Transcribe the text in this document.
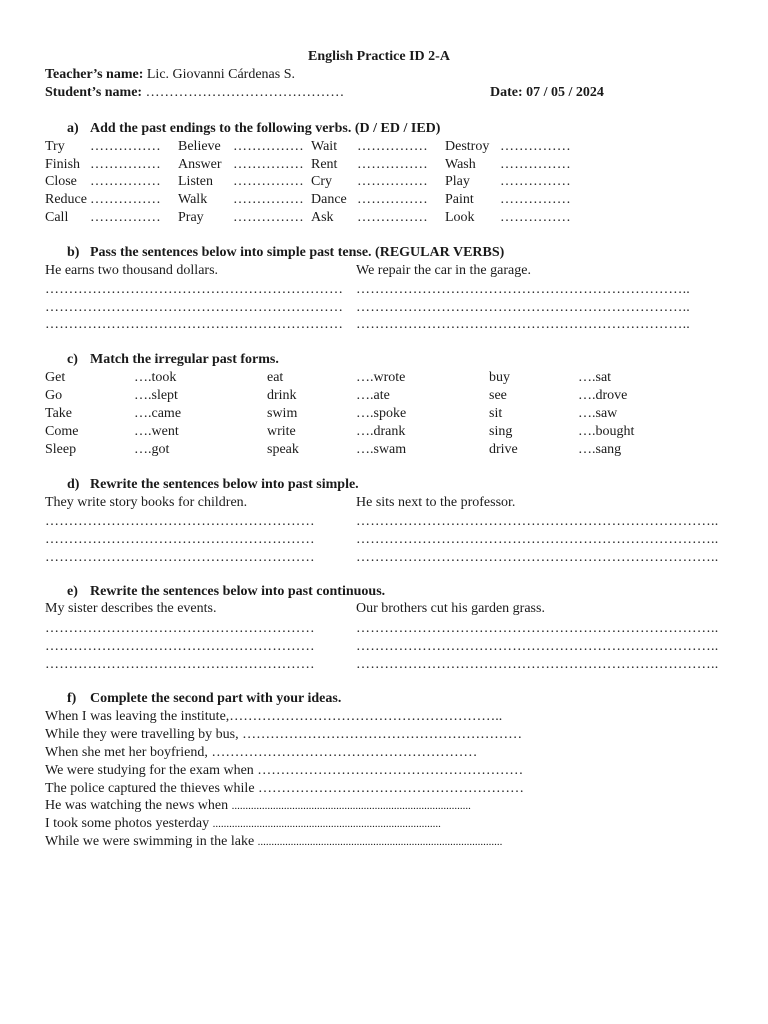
English Practice ID 2-A
Teacher’s name: Lic. Giovanni Cárdenas S.
Student’s name: ……………………………………	Date: 07 / 05 / 2024
a) Add the past endings to the following verbs. (D / ED / IED)
Try …………… Believe …………… Wait …………… Destroy ……………
Finish …………… Answer …………… Rent …………… Wash ……………
Close …………… Listen …………… Cry …………… Play ……………
Reduce …………… Walk …………… Dance …………… Paint ……………
Call …………… Pray …………… Ask …………… Look ……………
b) Pass the sentences below into simple past tense. (REGULAR VERBS)
He earns two thousand dollars.	We repair the car in the garage.
………………………………………………………
………………………………………………………
………………………………………………………
……………………………………………………………..
……………………………………………………………..
……………………………………………………………..
c) Match the irregular past forms.
Get	….took	eat	….wrote	buy	….sat
Go	….slept	drink	….ate	see	….drove
Take	….came	swim	….spoke	sit	….saw
Come	….went	write	….drank	sing	….bought
Sleep	….got	speak	….swam	drive	….sang
d) Rewrite the sentences below into past simple.
They write story books for children.	He sits next to the professor.
…………………………………………………
…………………………………………………
…………………………………………………
…………………………………………………………………..
…………………………………………………………………..
…………………………………………………………………..
e) Rewrite the sentences below into past continuous.
My sister describes the events.	Our brothers cut his garden grass.
…………………………………………………
…………………………………………………
…………………………………………………
…………………………………………………………………..
…………………………………………………………………..
…………………………………………………………………..
f) Complete the second part with your ideas.
When I was leaving the institute,…………………………………………………..
While they were travelling by bus, ……………………………………………………
When she met her boyfriend, …………………………………………………
We were studying for the exam when …………………………………………………
The police captured the thieves while …………………………………………………
He was watching the news when .......................................................................................
I took some photos yesterday ...................................................................................
While we were swimming in the lake .........................................................................................
